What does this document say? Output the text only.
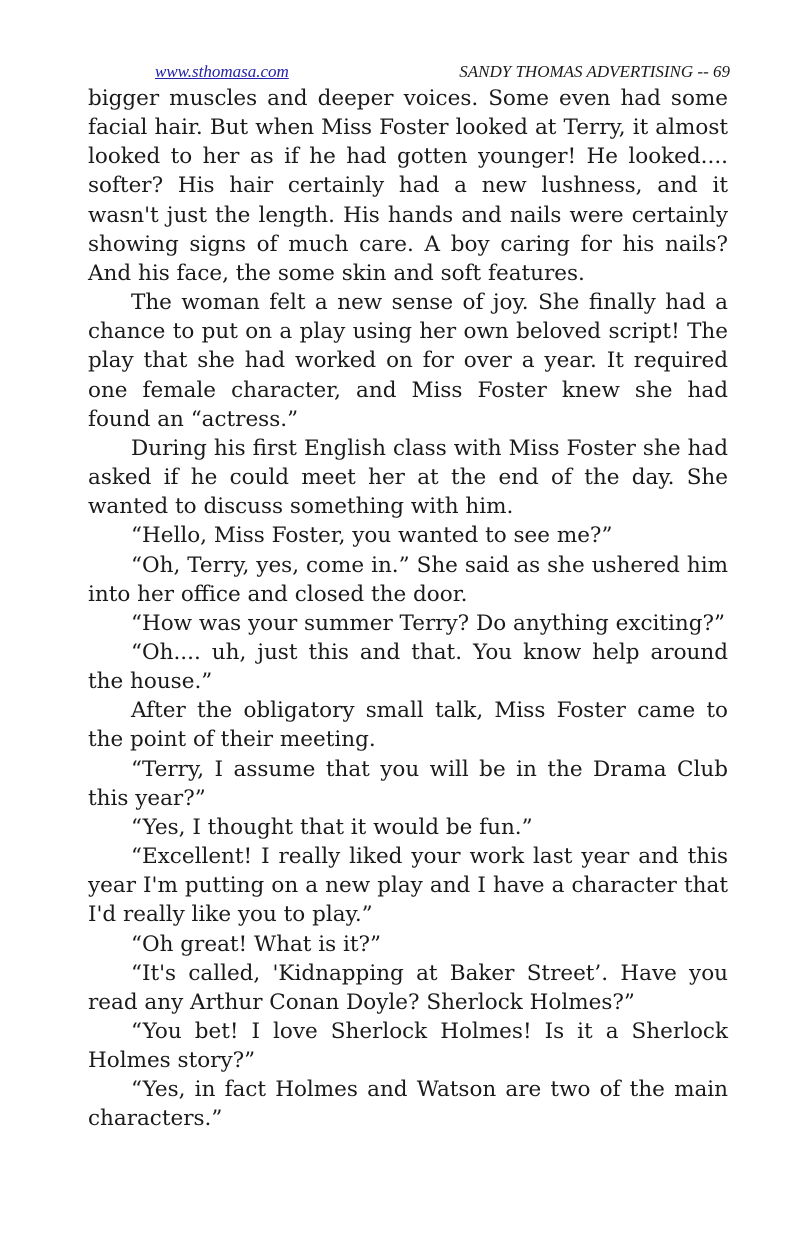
www.sthomasa.com	SANDY THOMAS ADVERTISING -- 69

bigger muscles and deeper voices. Some even had some facial hair. But when Miss Foster looked at Terry, it almost looked to her as if he had gotten younger! He looked.... softer? His hair certainly had a new lushness, and it wasn't just the length. His hands and nails were certainly showing signs of much care. A boy caring for his nails? And his face, the some skin and soft features.

The woman felt a new sense of joy. She finally had a chance to put on a play using her own beloved script! The play that she had worked on for over a year. It required one female character, and Miss Foster knew she had found an “actress.”

During his first English class with Miss Foster she had asked if he could meet her at the end of the day. She wanted to discuss something with him.

“Hello, Miss Foster, you wanted to see me?”

“Oh, Terry, yes, come in.” She said as she ushered him into her office and closed the door.

“How was your summer Terry? Do anything exciting?”

“Oh.... uh, just this and that. You know help around the house.”

After the obligatory small talk, Miss Foster came to the point of their meeting.

“Terry, I assume that you will be in the Drama Club this year?”

“Yes, I thought that it would be fun.”

“Excellent! I really liked your work last year and this year I'm putting on a new play and I have a character that I'd really like you to play.”

“Oh great! What is it?”

“It's called, 'Kidnapping at Baker Street’. Have you read any Arthur Conan Doyle? Sherlock Holmes?”

“You bet! I love Sherlock Holmes! Is it a Sherlock Holmes story?”

“Yes, in fact Holmes and Watson are two of the main characters.”
